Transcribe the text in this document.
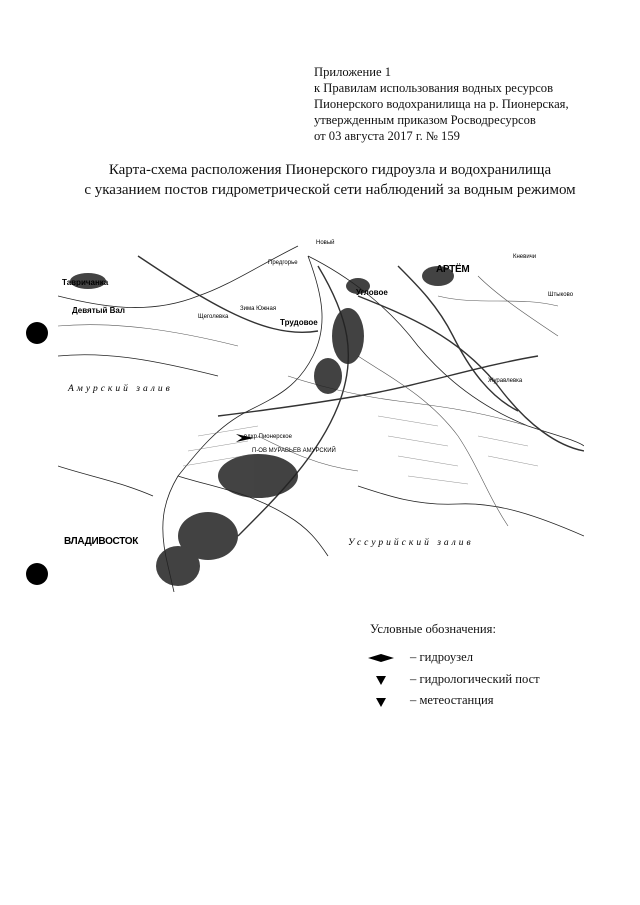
Приложение 1
к Правилам использования водных ресурсов
Пионерского водохранилища на р. Пионерская,
утвержденным приказом Росводресурсов
от 03 августа 2017 г. № 159
Карта-схема расположения Пионерского гидроузла и водохранилища
с указанием постов гидрометрической сети наблюдений за водным режимом
Тавричанка
Девятый Вал
Новый
Предгорье
АРТЁМ
Кневичи
Штыково
Угловое
Зима Южная
Щеголевка
Трудовое
Амурский залив
Журавлевка
вдхр.Пионерское
П-ОВ МУРАВЬЕВ АМУРСКИЙ
ВЛАДИВОСТОК	Уссурийский залив
Условные обозначения:
– гидроузел
– гидрологический пост
– метеостанция
